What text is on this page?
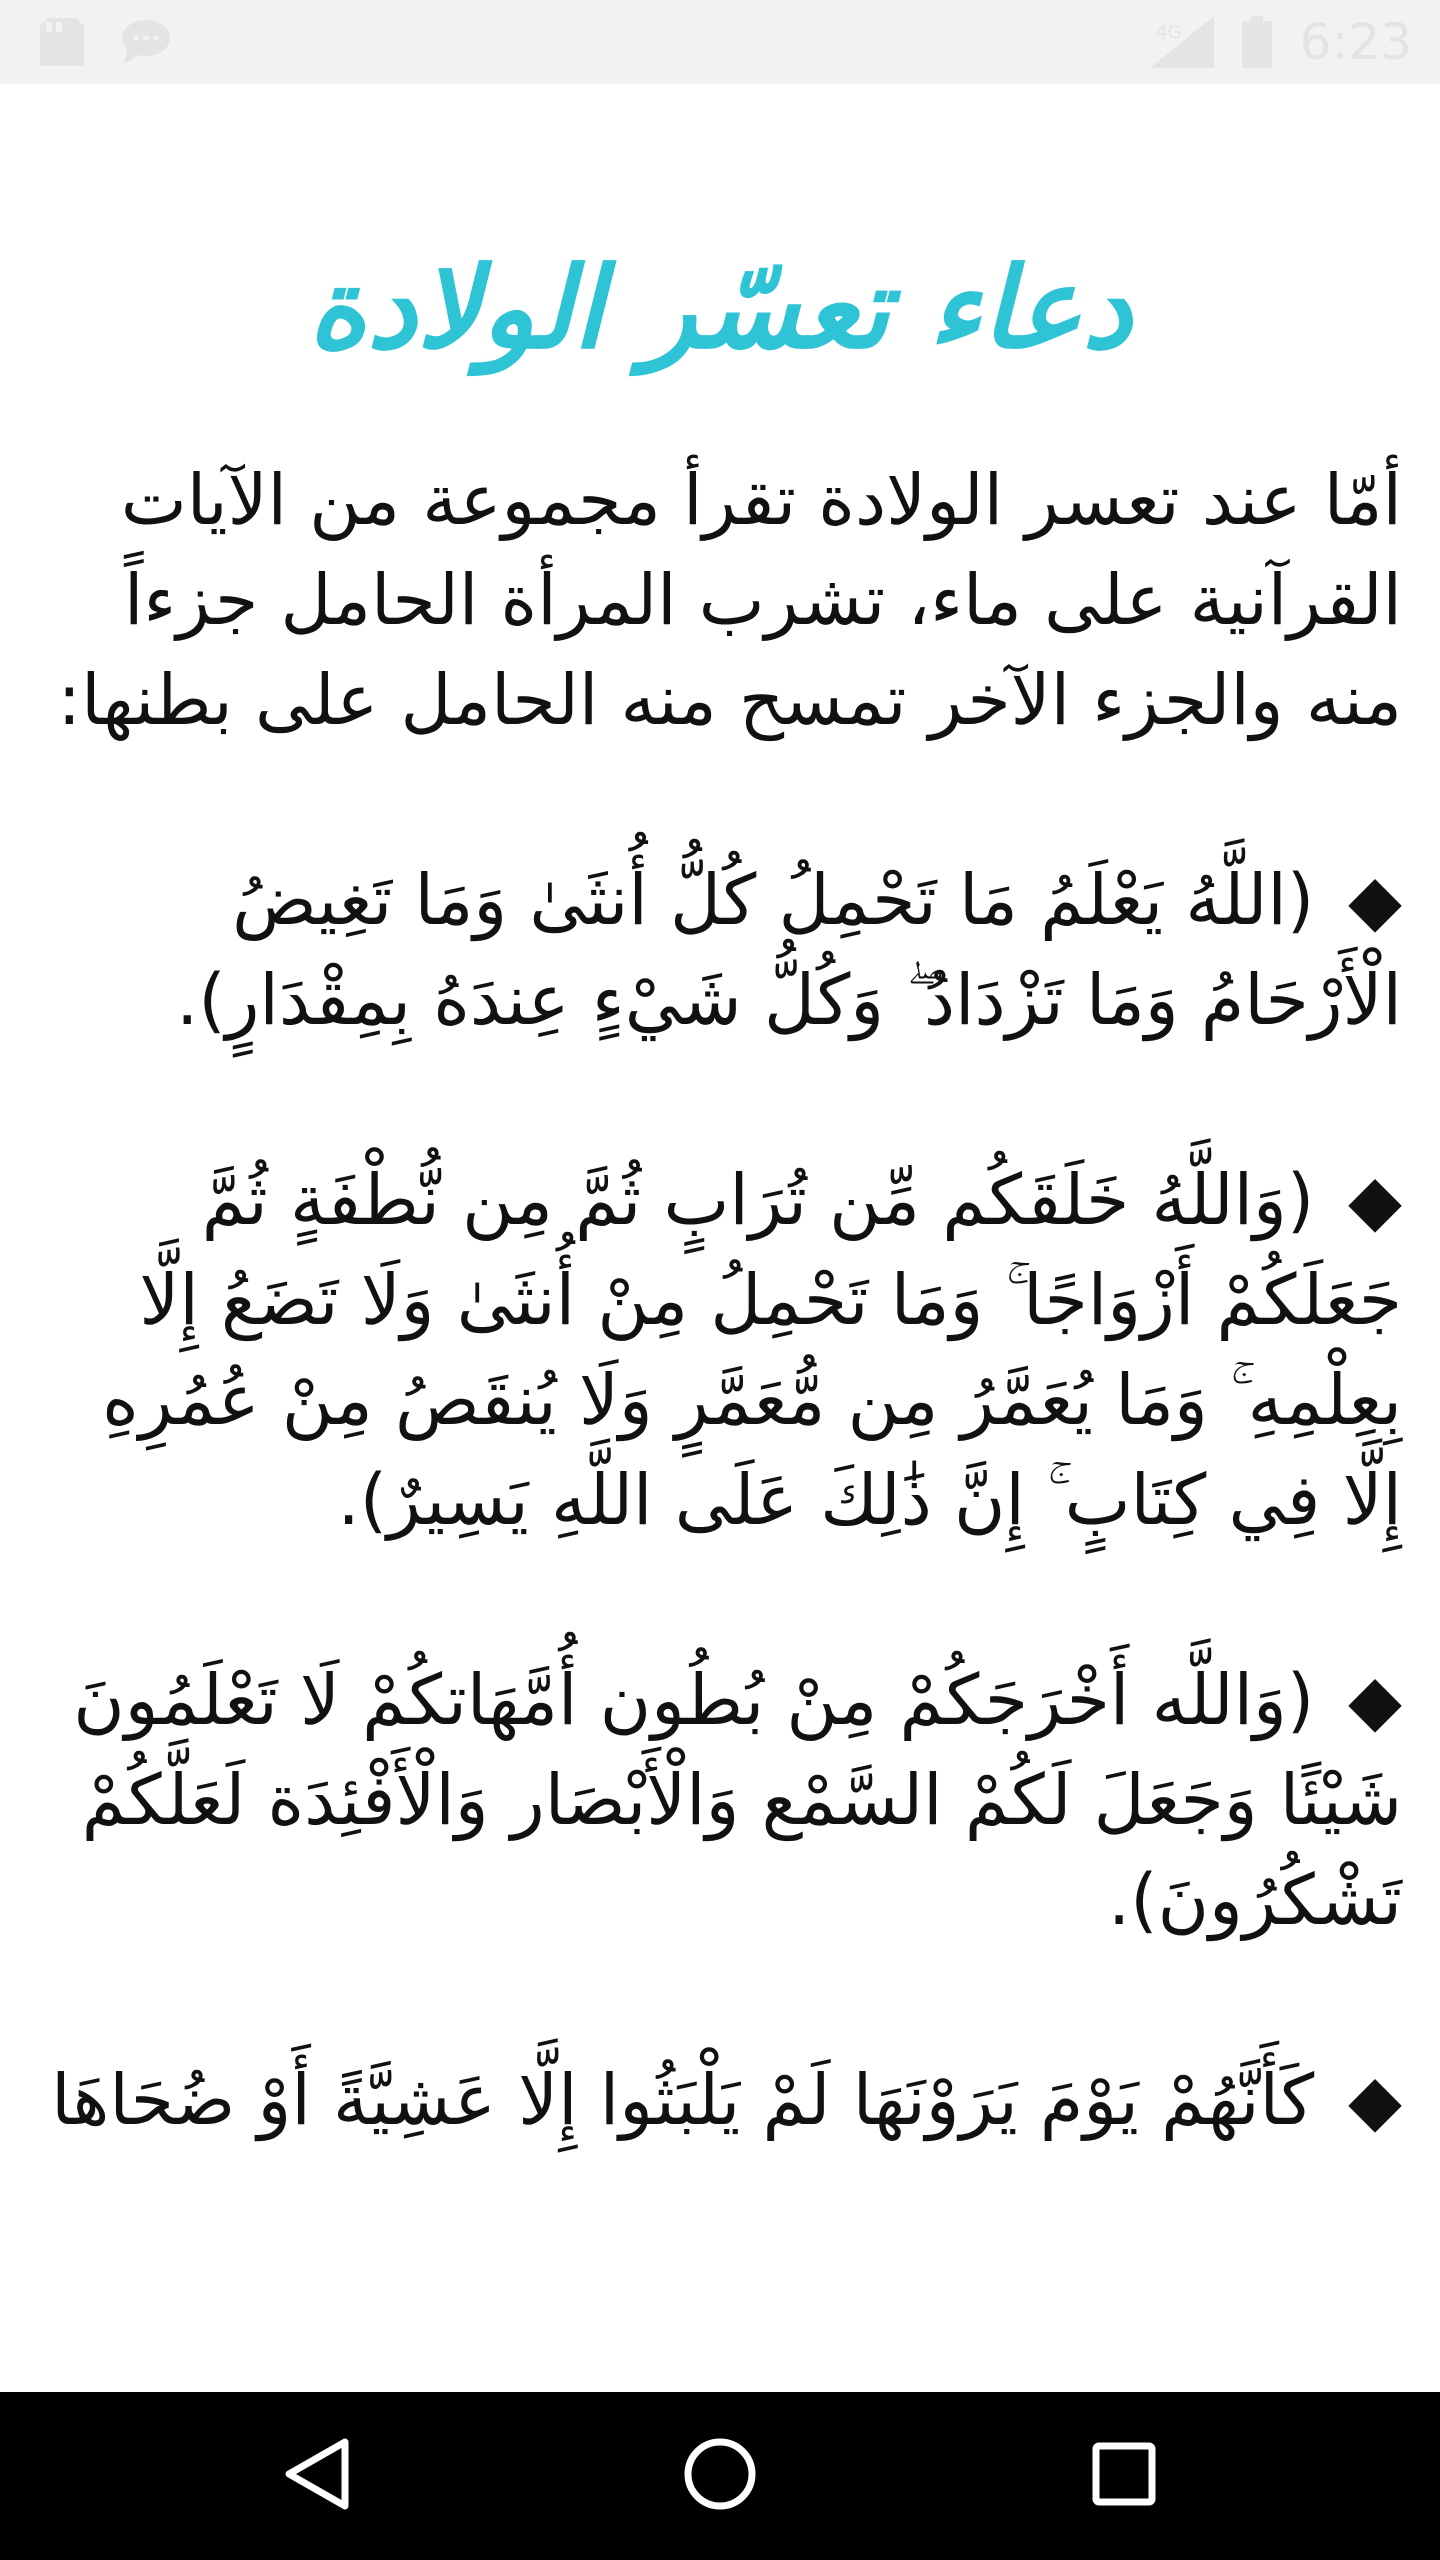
4G 6:23
دعاء تعسّر الولادة
أمّا عند تعسر الولادة تقرأ مجموعة من الآيات القرآنية على ماء، تشرب المرأة الحامل جزءاً منه والجزء الآخر تمسح منه الحامل على بطنها:
◆(اللَّهُ يَعْلَمُ مَا تَحْمِلُ كُلُّ أُنثَىٰ وَمَا تَغِيضُ الْأَرْحَامُ وَمَا تَزْدَادُ ۖ وَكُلُّ شَيْءٍ عِندَهُ بِمِقْدَارٍ).
◆(وَاللَّهُ خَلَقَكُم مِّن تُرَابٍ ثُمَّ مِن نُّطْفَةٍ ثُمَّ جَعَلَكُمْ أَزْوَاجًا ۚ وَمَا تَحْمِلُ مِنْ أُنثَىٰ وَلَا تَضَعُ إِلَّا بِعِلْمِهِ ۚ وَمَا يُعَمَّرُ مِن مُّعَمَّرٍ وَلَا يُنقَصُ مِنْ عُمُرِهِ إِلَّا فِي كِتَابٍ ۚ إِنَّ ذَٰلِكَ عَلَى اللَّهِ يَسِيرٌ).
◆(وَاللَّه أَخْرَجَكُمْ مِنْ بُطُون أُمَّهَاتكُمْ لَا تَعْلَمُونَ شَيْئًا وَجَعَلَ لَكُمْ السَّمْع وَالْأَبْصَار وَالْأَفْئِدَة لَعَلَّكُمْ تَشْكُرُونَ).
◆كَأَنَّهُمْ يَوْمَ يَرَوْنَهَا لَمْ يَلْبَثُوا إِلَّا عَشِيَّةً أَوْ ضُحَاهَا
